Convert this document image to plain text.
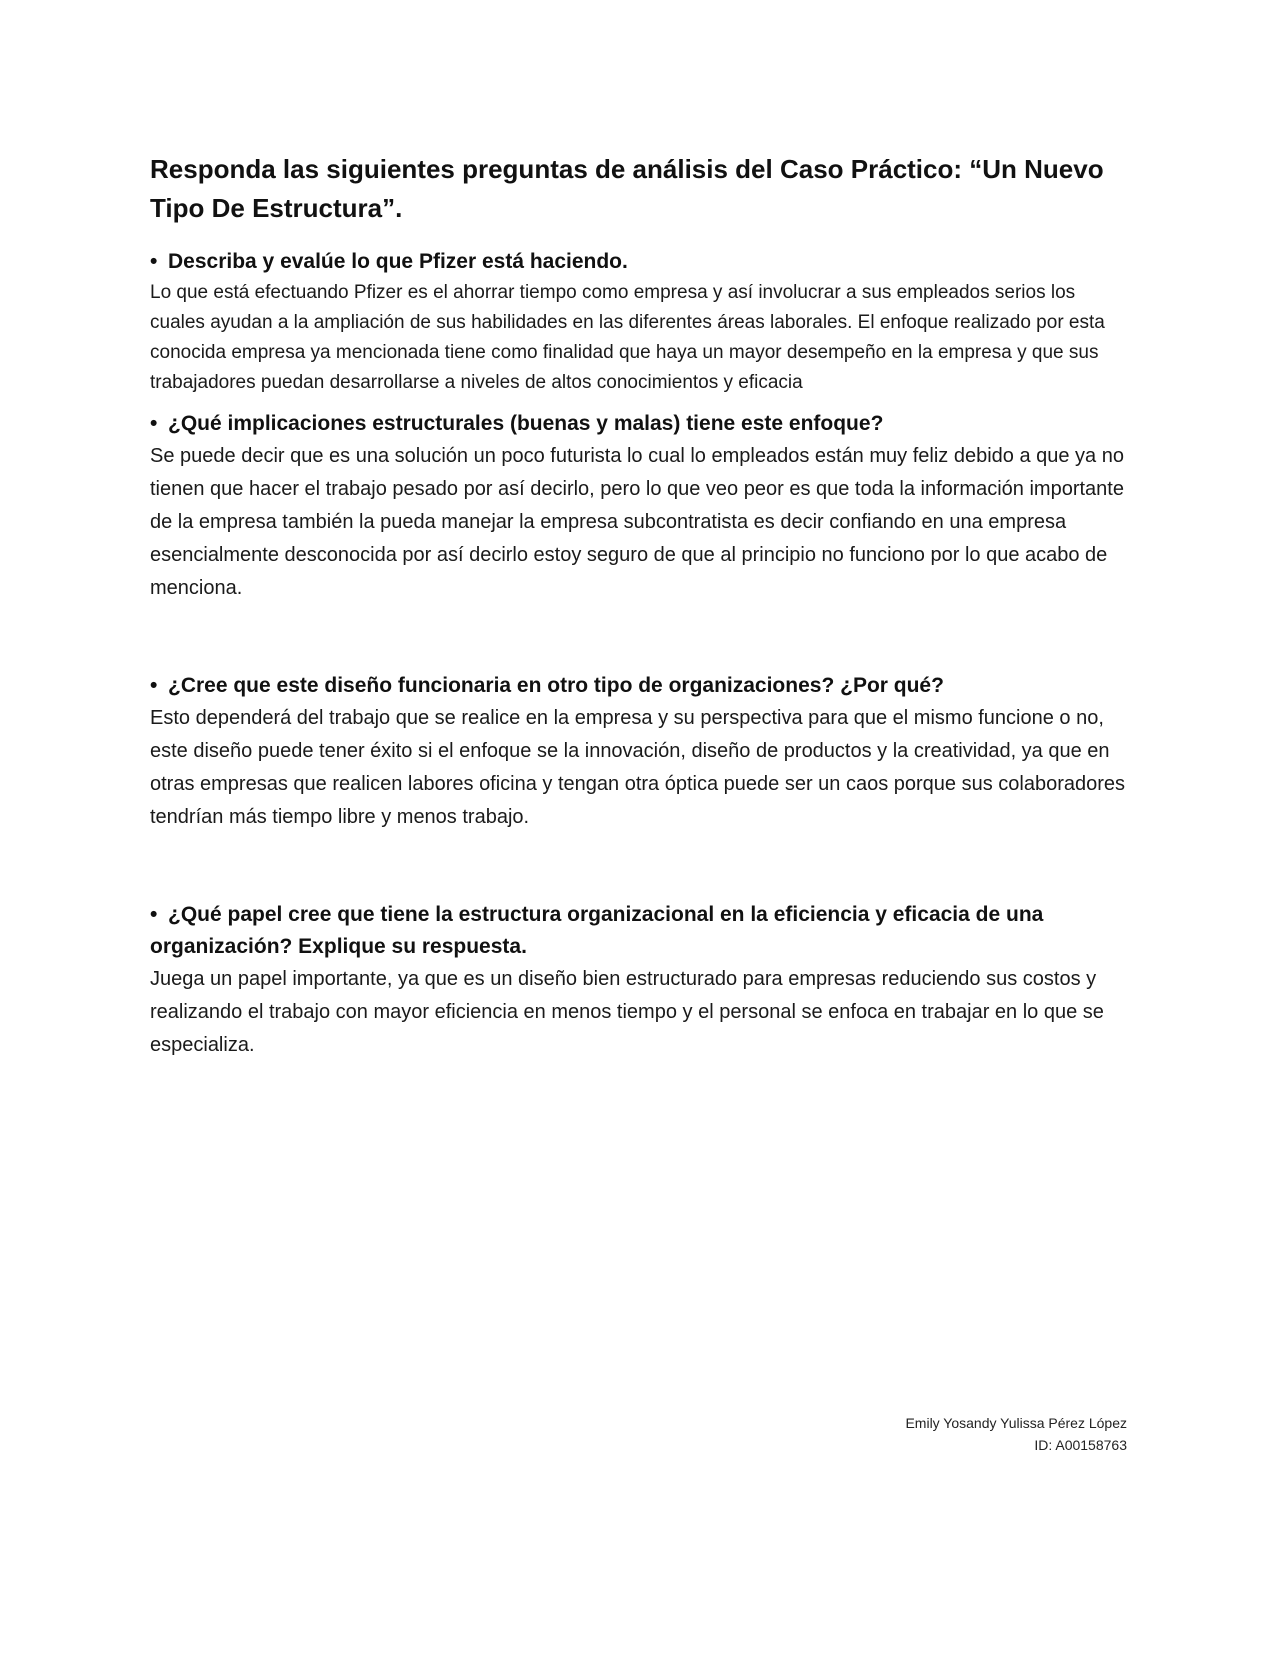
Responda las siguientes preguntas de análisis del Caso Práctico: “Un Nuevo Tipo De Estructura”.

• Describa y evalúe lo que Pfizer está haciendo.

Lo que está efectuando Pfizer es el ahorrar tiempo como empresa y así involucrar a sus empleados serios los cuales ayudan a la ampliación de sus habilidades en las diferentes áreas laborales. El enfoque realizado por esta conocida empresa ya mencionada tiene como finalidad que haya un mayor desempeño en la empresa y que sus trabajadores puedan desarrollarse a niveles de altos conocimientos y eficacia

• ¿Qué implicaciones estructurales (buenas y malas) tiene este enfoque?

Se puede decir que es una solución un poco futurista lo cual lo empleados están muy feliz debido a que ya no tienen que hacer el trabajo pesado por así decirlo, pero lo que veo peor es que toda la información importante de la empresa también la pueda manejar la empresa subcontratista es decir confiando en una empresa esencialmente desconocida por así decirlo estoy seguro de que al principio no funciono por lo que acabo de menciona.

• ¿Cree que este diseño funcionaria en otro tipo de organizaciones? ¿Por qué?

Esto dependerá del trabajo que se realice en la empresa y su perspectiva para que el mismo funcione o no, este diseño puede tener éxito si el enfoque se la innovación, diseño de productos y la creatividad, ya que en otras empresas que realicen labores oficina y tengan otra óptica puede ser un caos porque sus colaboradores tendrían más tiempo libre y menos trabajo.

• ¿Qué papel cree que tiene la estructura organizacional en la eficiencia y eficacia de una organización? Explique su respuesta.

Juega un papel importante, ya que es un diseño bien estructurado para empresas reduciendo sus costos y realizando el trabajo con mayor eficiencia en menos tiempo y el personal se enfoca en trabajar en lo que se especializa.

Emily Yosandy Yulissa Pérez López
ID: A00158763
